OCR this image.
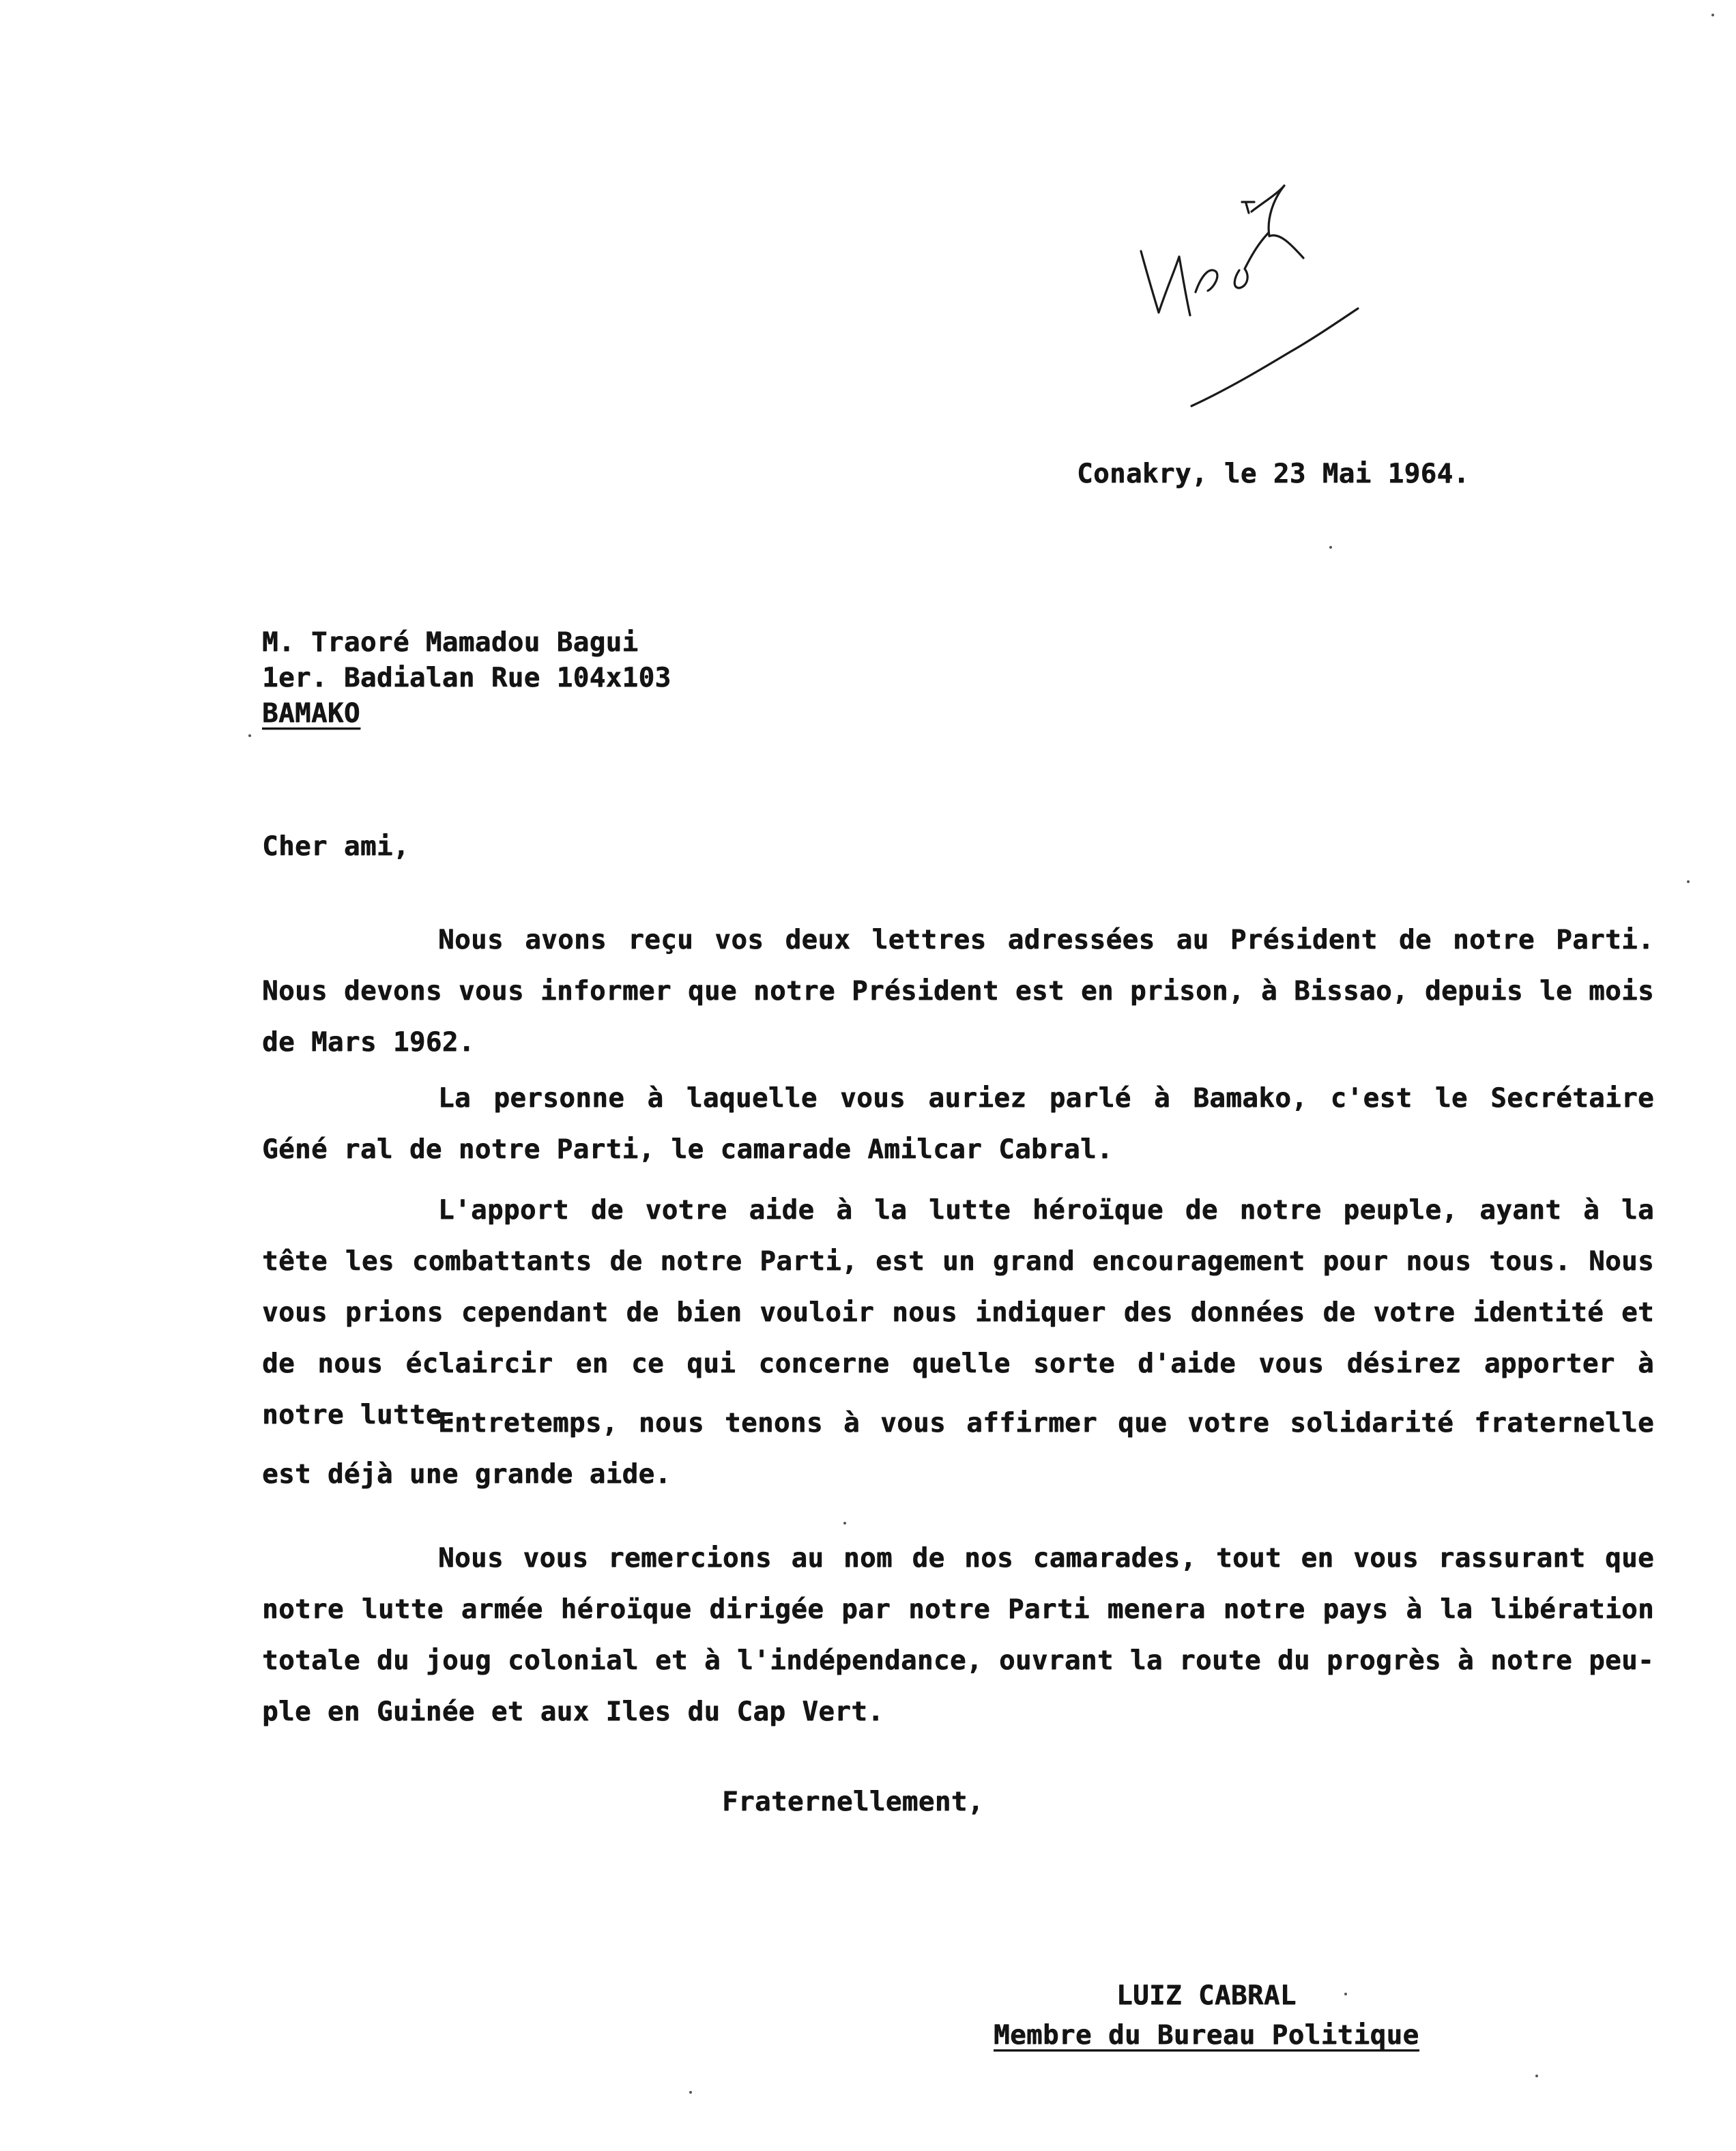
Conakry, le 23 Mai 1964.
M. Traoré Mamadou Bagui
1er. Badialan Rue 104x103
BAMAKO
Cher ami,

Nous avons reçu vos deux lettres adressées au Président de notre Parti. Nous devons vous informer que notre Président est en prison, à Bissao, depuis le mois de Mars 1962.

La personne à laquelle vous auriez parlé à Bamako, c'est le Secrétaire Géné ral de notre Parti, le camarade Amilcar Cabral.

L'apport de votre aide à la lutte héroïque de notre peuple, ayant à la tête les combattants de notre Parti, est un grand encouragement pour nous tous. Nous vous prions cependant de bien vouloir nous indiquer des données de votre identité et de nous éclaircir en ce qui concerne quelle sorte d'aide vous désirez apporter à notre lutte.

Entretemps, nous tenons à vous affirmer que votre solidarité fraternelle est déjà une grande aide.

Nous vous remercions au nom de nos camarades, tout en vous rassurant que notre lutte armée héroïque dirigée par notre Parti menera notre pays à la libération totale du joug colonial et à l'indépendance, ouvrant la route du progrès à notre peu- ple en Guinée et aux Iles du Cap Vert.

Fraternellement,
LUIZ CABRAL
Membre du Bureau Politique
